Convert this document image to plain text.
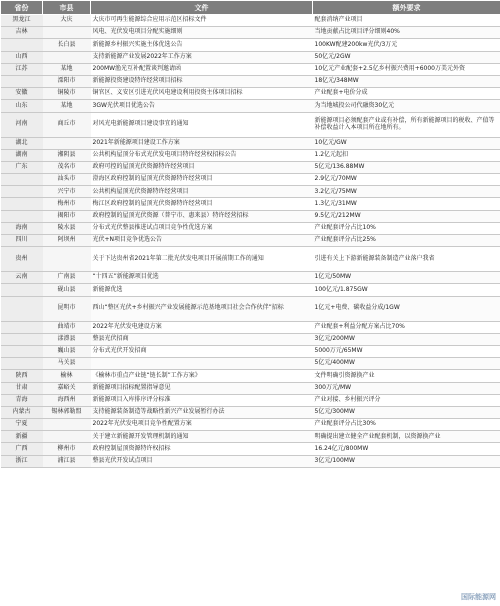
省份	市县	文件	额外要求
黑龙江	大庆	大庆市可再生能源综合应用示范区招标文件	配套消纳产业项目
吉林		风电、光伏发电项目分配实施细则	当地贡献占比项目评分细则40%
	长白县	新能源乡村振兴实施主体优选公告	100KW配建200kw光伏/3万元
山西		支持新能源产业发展2022年工作方案	50亿元/2GW
江苏	某地	200MW渔光互补配置谈判邀请函	10亿元产业配套+2.5亿乡村振兴费用+6000万美元外资
	溧阳市	新能源投资建设特许经营项目招标	18亿元/348MW
安徽	铜陵市	铜官区、义安区引进光伏风电建设利用投资主体项目招标	产业配套+电价分成
山东	某地	3GW光伏项目优选公告	为当地城投公司代融资30亿元
河南	商丘市	对风光电新能源项目建设事宜的通知	新能源项目必须配套产业或有补偿，所有新能源项目的税收、产值等补偿收益计入本项目所在地所有。
湖北		2021年新能源项目建设工作方案	10亿元/GW
湖南	湘阴县	公共机构屋顶分布式光伏发电项目特许经营权招标公告	1.2亿元起扣
广东	茂名市	政府可控的屋顶光伏资源特许经营项目	5亿元/136.88MW
	汕头市	澄海区政府控制的屋顶光伏资源特许经营项目	2.9亿元/70MW
	兴宁市	公共机构屋顶光伏资源特许经营项目	3.2亿元/75MW
	梅州市	梅江区政府控制的屋顶光伏资源特许经营项目	1.3亿元/31MW
	揭阳市	政府控制的屋顶光伏资源（普宁市、惠来县）特许经营招标	9.5亿元/212MW
海南	陵水县	分布式光伏整县推进试点项目竞争性优选方案	产业配套评分占比10%
四川	阿坝州	光伏+N项目竞争优选公告	产业配套评分占比25%
贵州		关于下达贵州省2021年第二批光伏发电项目开展前期工作的通知	引进有关上下游新能源装备制造产业落户我省
云南	广南县	“十四五”新能源项目优选	1亿元/50MW
	砚山县	新能源优选	100亿元/1.875GW
	昆明市	西山“整区光伏+乡村振兴产业发展能源示范基地项目社会合作伙伴”招标	1亿元+电费、碳收益分成/1GW
	曲靖市	2022年光伏发电建设方案	产业配套+利益分配方案占比70%
	漾濞县	整县光伏招商	3亿元/200MW
	巍山县	分布式光伏开发招商	5000万元/65MW
	马关县		5亿元/400MW
陕西	榆林	《榆林市重点产业链“链长制”工作方案》	文件明确引资源换产业
甘肃	嘉峪关	新能源项目招标配置指导意见	300万元/MW
青海	海西州	新能源项目入库排序评分标准	产业对接、乡村振兴评分
内蒙古	锡林郭勒盟	支持能源装备制造等战略性新兴产业发展暂行办法	5亿元/300MW
宁夏		2022年光伏发电项目竞争性配置方案	产业配套评分占比30%
新疆		关于建立新能源开发管理机制的通知	明确提出建立健全产业配套机制，以资源换产业
广西	柳州市	政府控制屋顶资源特许权招标	16.24亿元/800MW
浙江	浦江县	整县光伏开发试点项目	3亿元/100MW
国际能源网
